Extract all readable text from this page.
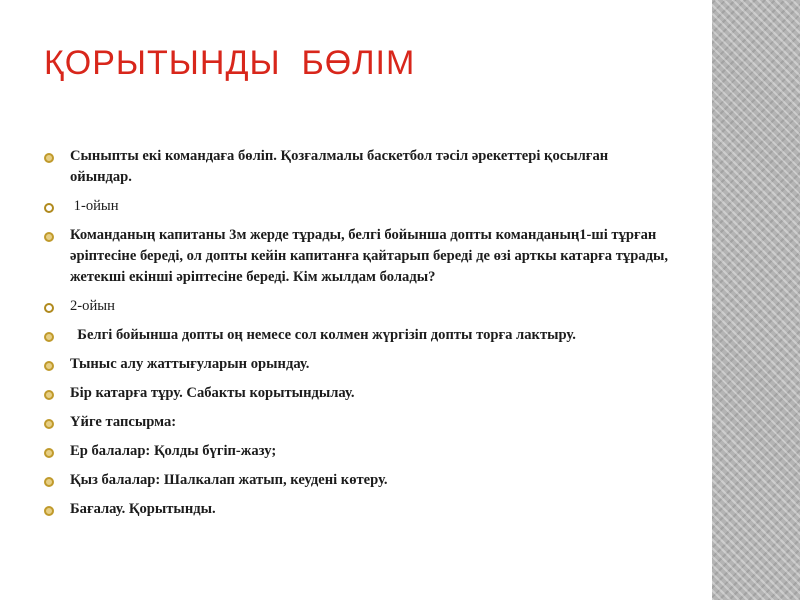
ҚОРЫТЫНДЫ  БӨЛІМ
Сыныпты екі командаға бөліп. Қозғалмалы баскетбол тәсіл әрекеттері қосылған ойындар.
1-ойын
Команданың капитаны 3м жерде тұрады, белгі бойынша допты команданың1-ші тұрған әріптесіне береді, ол допты кейін капитанға қайтарып береді де өзі арткы катарға тұрады, жетекші екінші әріптесіне береді. Кім жылдам болады?
2-ойын
Белгі бойынша допты оң немесе сол колмен жүргізіп допты торға лактыру.
Тыныс алу жаттығуларын орындау.
Бір катарға тұру. Сабакты корытындылау.
Үйге тапсырма:
Ер балалар: Қолды бүгіп-жазу;
Қыз балалар: Шалкалап жатып, кеудені көтеру.
Бағалау. Қорытынды.
